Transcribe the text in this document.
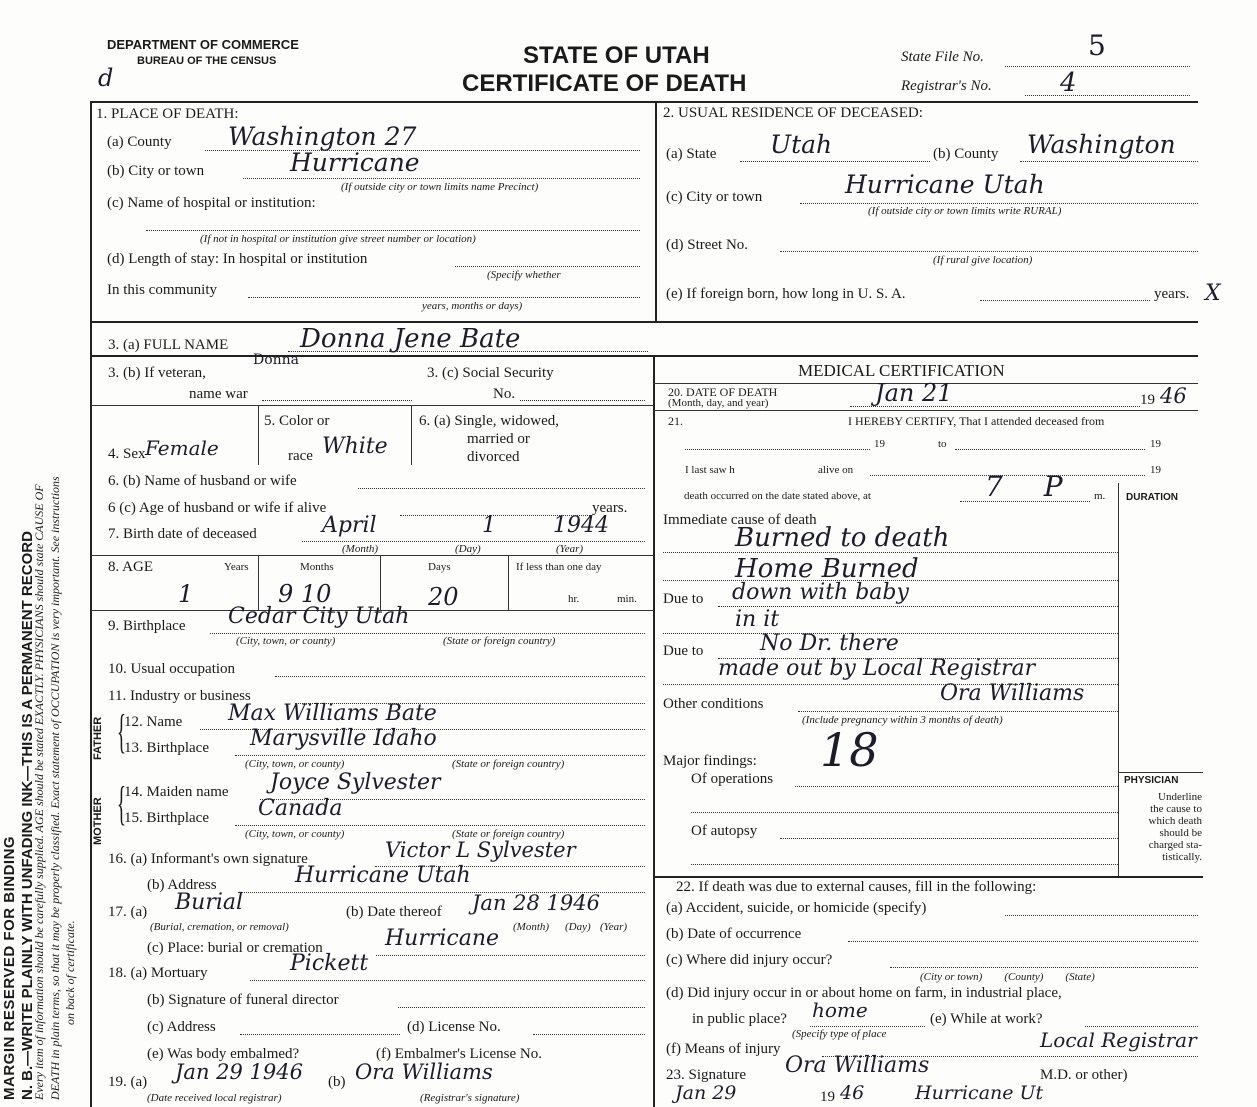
MARGIN RESERVED FOR BINDING N. B.—WRITE PLAINLY WITH UNFADING INK—THIS IS A PERMANENT RECORD
Every item of information should be carefully supplied. AGE should be stated EXACTLY. PHYSICIANS should state CAUSE OF DEATH in plain terms, so that it may be properly classified. Exact statement of OCCUPATION is very important. See instructions on back of certificate.
DEPARTMENT OF COMMERCE
BUREAU OF THE CENSUS	STATE OF UTAH
CERTIFICATE OF DEATH
State File No.	5
Registrar's No.	4
d
1. PLACE OF DEATH:
(a) County Washington 27
(b) City or town	Hurricane
(If outside city or town limits name Precinct)
(c) Name of hospital or institution:
(If not in hospital or institution give street number or location)
(d) Length of stay: In hospital or institution
(Specify whether
In this community
years, months or days)
2. USUAL RESIDENCE OF DECEASED:
(a) State Utah	(b) County Washington
(c) City or town	Hurricane Utah
(If outside city or town limits write RURAL)
(d) Street No.
(If rural give location)
(e) If foreign born, how long in U. S. A.	years. X
3. (a) FULL NAME	Donna Jene Bate
Donna
3. (b) If veteran,
name war
3. (c) Social Security
No.
4. Sex Female
5. Color or
race White
6. (a) Single, widowed,
married or
divorced
6. (b) Name of husband or wife
6 (c) Age of husband or wife if alive	years.
7. Birth date of deceased	April	1	1944
(Month)	(Day)	(Year)
8. AGE	Years	Months	Days	If less than one day
1	9 10	20	hr.	min.
9. Birthplace Cedar City Utah
(City, town, or county)	(State or foreign country)
10. Usual occupation
11. Industry or business
FATHER
MOTHER
{
{
12. Name Max Williams Bate
13. Birthplace Marysville Idaho
(City, town, or county)	(State or foreign country)
14. Maiden name Joyce Sylvester
15. Birthplace Canada
(City, town, or county)	(State or foreign country)
16. (a) Informant's own signature	Victor L Sylvester
(b) Address	Hurricane Utah
17. (a) Burial	(b) Date thereof Jan 28 1946
(Burial, cremation, or removal)	(Month) (Day) (Year)
(c) Place: burial or cremation	Hurricane
18. (a) Mortuary	Pickett
(b) Signature of funeral director
(c) Address	(d) License No.
(e) Was body embalmed?	(f) Embalmer's License No.
19. (a) Jan 29 1946 (b) Ora Williams
(Date received local registrar)	(Registrar's signature)
MEDICAL CERTIFICATION
20. DATE OF DEATH
(Month, day, and year)	Jan 21	19 46
21.	I HEREBY CERTIFY, That I attended deceased from
19	to	19
I last saw h	alive on	19
death occurred on the date stated above, at	7 P m. DURATION
Immediate cause of death
Burned to death
Home Burned
Due to down with baby
in it
Due to	No Dr. there
made out by Local Registrar
Other conditions	Ora Williams
(Include pregnancy within 3 months of death)
Major findings:
Of operations
18
Of autopsy
PHYSICIAN
Underline
the cause to
which death
should be
charged sta-
tistically.
22. If death was due to external causes, fill in the following:
(a) Accident, suicide, or homicide (specify)
(b) Date of occurrence
(c) Where did injury occur?
(City or town)        (County)        (State)
(d) Did injury occur in or about home on farm, in industrial place,
in public place? home
(Specify type of place
(e) While at work?
(f) Means of injury	Local Registrar
23. Signature Ora Williams	M.D. or other)
Jan 29	19 46	Hurricane Ut
